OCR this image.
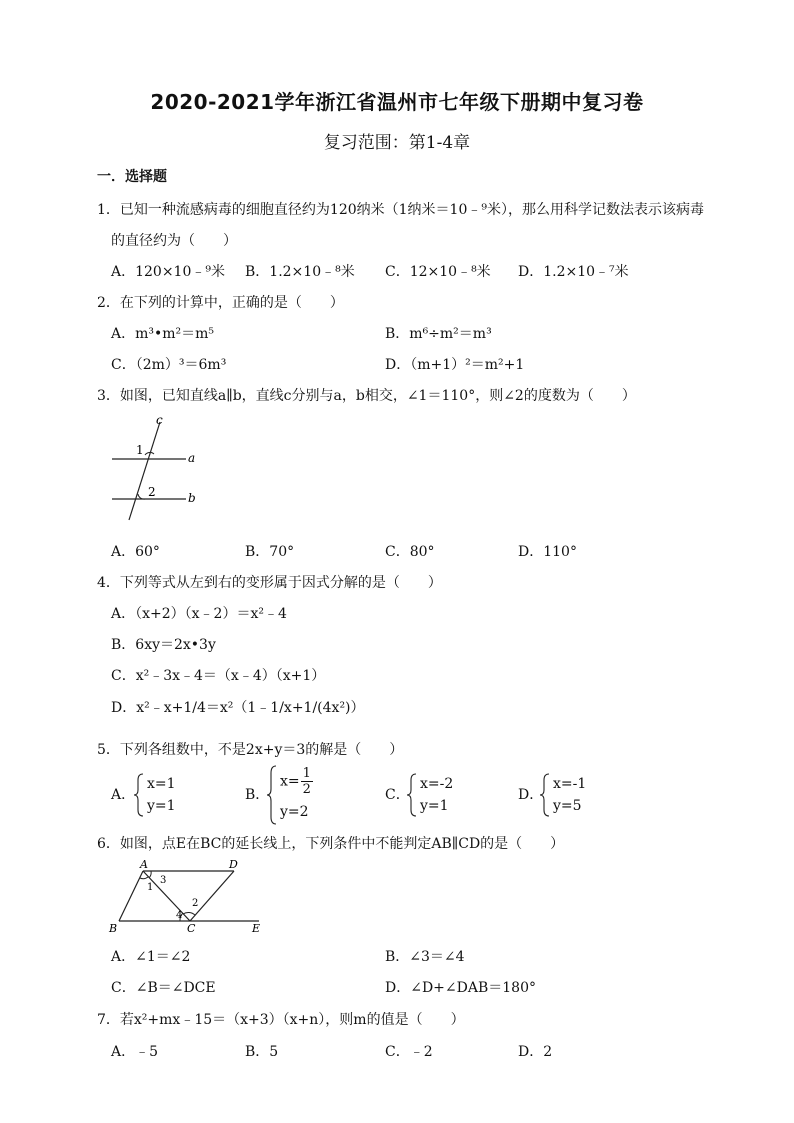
2020-2021学年浙江省温州市七年级下册期中复习卷
复习范围：第1-4章
一．选择题
1．已知一种流感病毒的细胞直径约为120纳米（1纳米＝10﹣⁹米），那么用科学记数法表示该病毒
的直径约为（　　）
A．120×10﹣⁹米 B．1.2×10﹣⁸米 C．12×10﹣⁸米 D．1.2×10﹣⁷米
2．在下列的计算中，正确的是（　　）
A．m³•m²＝m⁵	B．m⁶÷m²＝m³
C．（2m）³＝6m³	D．（m+1）²＝m²+1
3．如图，已知直线a∥b，直线c分别与a，b相交，∠1＝110°，则∠2的度数为（　　）
c
a
b
1
2
A．60°	B．70°	C．80°	D．110°
4．下列等式从左到右的变形属于因式分解的是（　　）
A．（x+2）（x﹣2）＝x²﹣4
B．6xy＝2x•3y
C．x²﹣3x﹣4＝（x﹣4）（x+1）
D．x²﹣x+1/4＝x²（1﹣1/x+1/(4x²)）
5．下列各组数中，不是2x+y＝3的解是（　　）
A．
x=1
y=1
B．
$x= \frac{1}{2}$
y=2
C．
x=-2
y=1
D．
x=-1
y=5
6．如图，点E在BC的延长线上，下列条件中不能判定AB∥CD的是（　　）
A	D
B	C	E
1
2
3
4
A．∠1＝∠2	B．∠3＝∠4
C．∠B＝∠DCE	D．∠D+∠DAB＝180°
7．若x²+mx﹣15＝（x+3）（x+n），则m的值是（　　）
A．﹣5	B．5	C．﹣2	D．2
